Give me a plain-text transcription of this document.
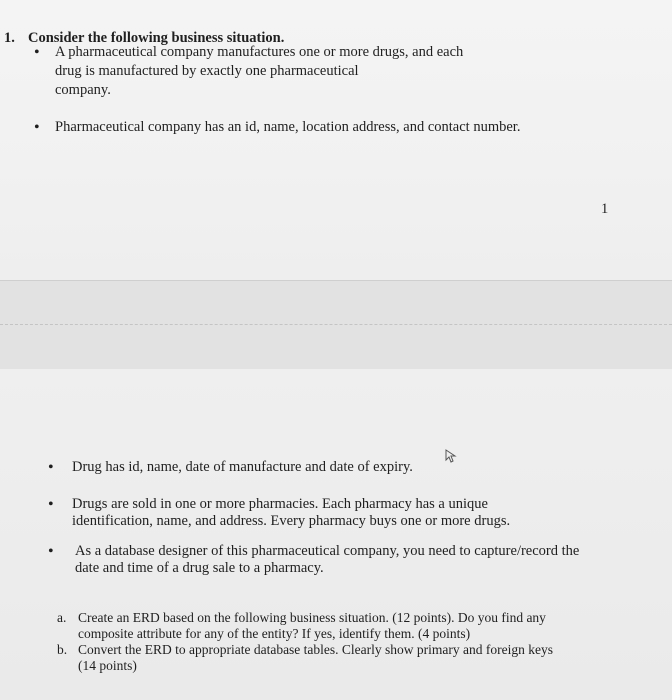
1. Consider the following business situation.
• A pharmaceutical company manufactures one or more drugs, and each
drug is manufactured by exactly one pharmaceutical
company.
• Pharmaceutical company has an id, name, location address, and contact number.
1
• Drug has id, name, date of manufacture and date of expiry.
• Drugs are sold in one or more pharmacies. Each pharmacy has a unique
identification, name, and address. Every pharmacy buys one or more drugs.
• As a database designer of this pharmaceutical company, you need to capture/record the
date and time of a drug sale to a pharmacy.
a. Create an ERD based on the following business situation. (12 points). Do you find any
composite attribute for any of the entity? If yes, identify them. (4 points)
b. Convert the ERD to appropriate database tables. Clearly show primary and foreign keys
(14 points)
